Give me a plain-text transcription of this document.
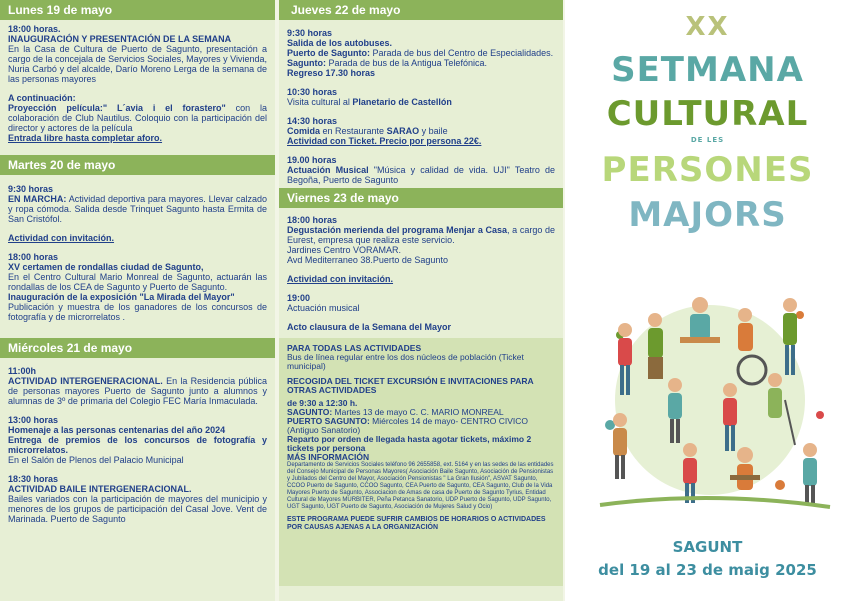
Lunes 19 de mayo
18:00 horas.
INAUGURACIÓN Y PRESENTACIÓN DE LA SEMANA
En la Casa de Cultura de Puerto de Sagunto, presentación a cargo de la concejala de Servicios Sociales, Mayores y Vivienda, Nuria Carbó y del alcalde, Darío Moreno Lerga de la semana de las personas mayores
A continuación:
Proyección película:" L´avia i el forastero" con la colaboración de Club Nautilus. Coloquio con la participación del director y actores de la película
Entrada libre hasta completar aforo.
Martes 20 de mayo
9:30 horas
EN MARCHA: Actividad deportiva para mayores. Llevar calzado y ropa cómoda. Salida desde Trinquet Sagunto hasta Ermita de San Cristófol.
Actividad con invitación.
18:00 horas
XV certamen de rondallas ciudad de Sagunto,
En el Centro Cultural Mario Monreal de Sagunto, actuarán las rondallas de los CEA de Sagunto y Puerto de Sagunto.
Inauguración de la exposición "La Mirada del Mayor"
Publicación y muestra de los ganadores de los concursos de fotografía y de microrrelatos .
Miércoles 21 de mayo
11:00h
ACTIVIDAD INTERGENERACIONAL. En la Residencia pública de personas mayores Puerto de Sagunto junto a alumnos y alumnas de 3º de primaria del Colegio FEC María Inmaculada.
13:00 horas
Homenaje a las personas centenarias del año 2024
Entrega de premios de los concursos de fotografía y microrrelatos.
En el Salón de Plenos del Palacio Municipal
18:30 horas
ACTIVIDAD BAILE INTERGENERACIONAL.
Bailes variados con la participación de mayores del municipio y menores de los grupos de participación del Casal Jove. Vent de Marinada. Puerto de Sagunto
Jueves 22 de mayo
9:30 horas
Salida de los autobuses.
Puerto de Sagunto: Parada de bus del Centro de Especialidades.
Sagunto: Parada de bus de la Antigua Telefónica.
Regreso 17.30 horas
10:30 horas
Visita cultural al Planetario de Castellón
14:30 horas
Comida en Restaurante SARAO y baile
Actividad con Ticket. Precio por persona 22€.
19.00 horas
Actuación Musical "Música y calidad de vida. UJI" Teatro de Begoña, Puerto de Sagunto
Viernes 23 de mayo
18:00 horas
Degustación merienda del programa Menjar a Casa, a cargo de Eurest, empresa que realiza este servicio.
Jardines Centro VORAMAR.
Avd Mediterraneo 38.Puerto de Sagunto
Actividad con invitación.
19:00
Actuación musical
Acto clausura de la Semana del Mayor
PARA TODAS LAS ACTIVIDADES
Bus de línea regular entre los dos núcleos de población (Ticket municipal)
RECOGIDA DEL TICKET EXCURSIÓN E INVITACIONES PARA OTRAS ACTIVIDADES
de 9:30 a 12:30 h.
SAGUNTO: Martes 13 de mayo C. C. MARIO MONREAL
PUERTO SAGUNTO: Miércoles 14 de mayo- CENTRO CIVICO (Antiguo Sanatorio)
Reparto por orden de llegada hasta agotar tickets, máximo 2 tickets por persona
MÁS INFORMACIÓN
Departamento de Servicios Sociales teléfono 96 2655858, ext. 5164 y en las sedes de las entidades del Consejo Municipal de Personas Mayores( Asociación Baile Sagunto, Asociación de Pensionistas y Jubilados del Centro del Mayor, Asociación Pensionistas " La Gran Ilusión", ASVAT Sagunto, CCOO Puerto de Sagunto, CCOO Sagunto, CEA Puerto de Sagunto, CEA Sagunto, Club de la Vida Mayores Puerto de Sagunto, Associacion de Amas de casa de Puerto de Sagunto Tyrius, Entidad Cultural de Mayores MURBITER, Peña Petanca Sanatorio, UDP Puerto de Sagunto, UDP Sagunto, UGT Sagunto, UGT Puerto de Sagunto, Asociación de Mujeres Salud y Ocio)
ESTE PROGRAMA PUEDE SUFRIR CAMBIOS DE HORARIOS O ACTIVIDADES POR CAUSAS AJENAS A LA ORGANIZACIÓN
XX
SETMANA
CULTURAL
DE LES
PERSONES
MAJORS
SAGUNT
del 19 al 23 de maig 2025
